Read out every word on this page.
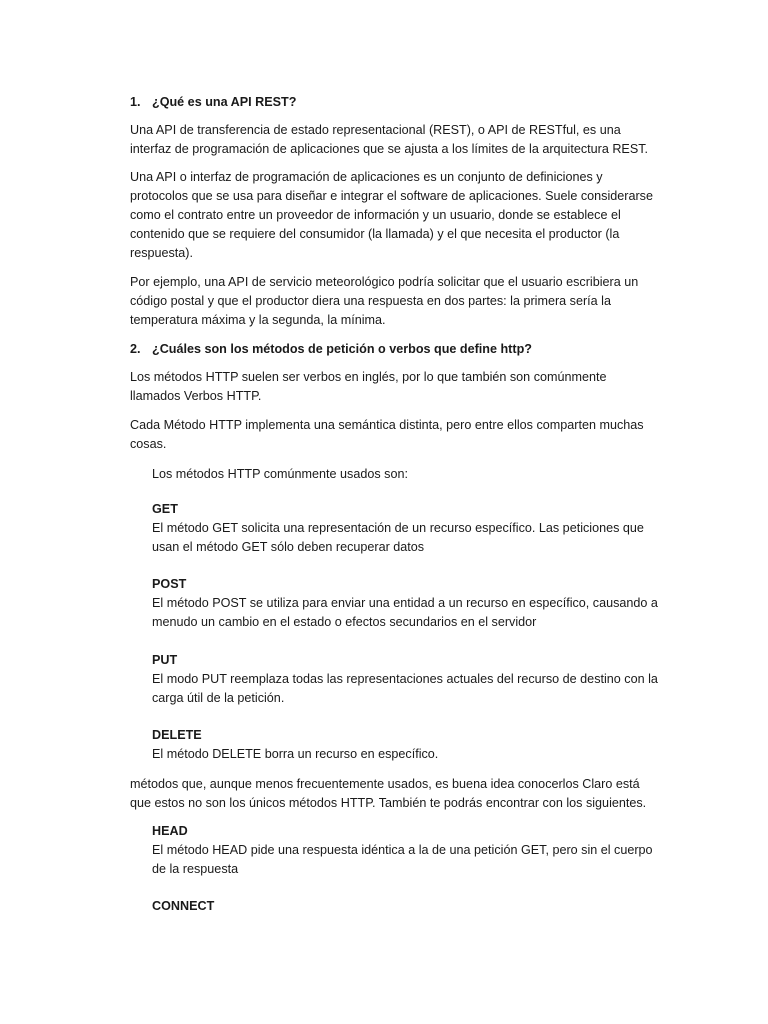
1. ¿Qué es una API REST?

Una API de transferencia de estado representacional (REST), o API de RESTful, es una interfaz de programación de aplicaciones que se ajusta a los límites de la arquitectura REST.

Una API o interfaz de programación de aplicaciones es un conjunto de definiciones y protocolos que se usa para diseñar e integrar el software de aplicaciones. Suele considerarse como el contrato entre un proveedor de información y un usuario, donde se establece el contenido que se requiere del consumidor (la llamada) y el que necesita el productor (la respuesta).

Por ejemplo, una API de servicio meteorológico podría solicitar que el usuario escribiera un código postal y que el productor diera una respuesta en dos partes: la primera sería la temperatura máxima y la segunda, la mínima.

2. ¿Cuáles son los métodos de petición o verbos que define http?

Los métodos HTTP suelen ser verbos en inglés, por lo que también son comúnmente llamados Verbos HTTP.

Cada Método HTTP implementa una semántica distinta, pero entre ellos comparten muchas cosas.

Los métodos HTTP comúnmente usados son:

GET
El método GET solicita una representación de un recurso específico. Las peticiones que usan el método GET sólo deben recuperar datos
POST
El método POST se utiliza para enviar una entidad a un recurso en específico, causando a menudo un cambio en el estado o efectos secundarios en el servidor
PUT
El modo PUT reemplaza todas las representaciones actuales del recurso de destino con la carga útil de la petición.
DELETE
El método DELETE borra un recurso en específico.

métodos que, aunque menos frecuentemente usados, es buena idea conocerlos Claro está que estos no son los únicos métodos HTTP. También te podrás encontrar con los siguientes.

HEAD
El método HEAD pide una respuesta idéntica a la de una petición GET, pero sin el cuerpo de la respuesta
CONNECT
